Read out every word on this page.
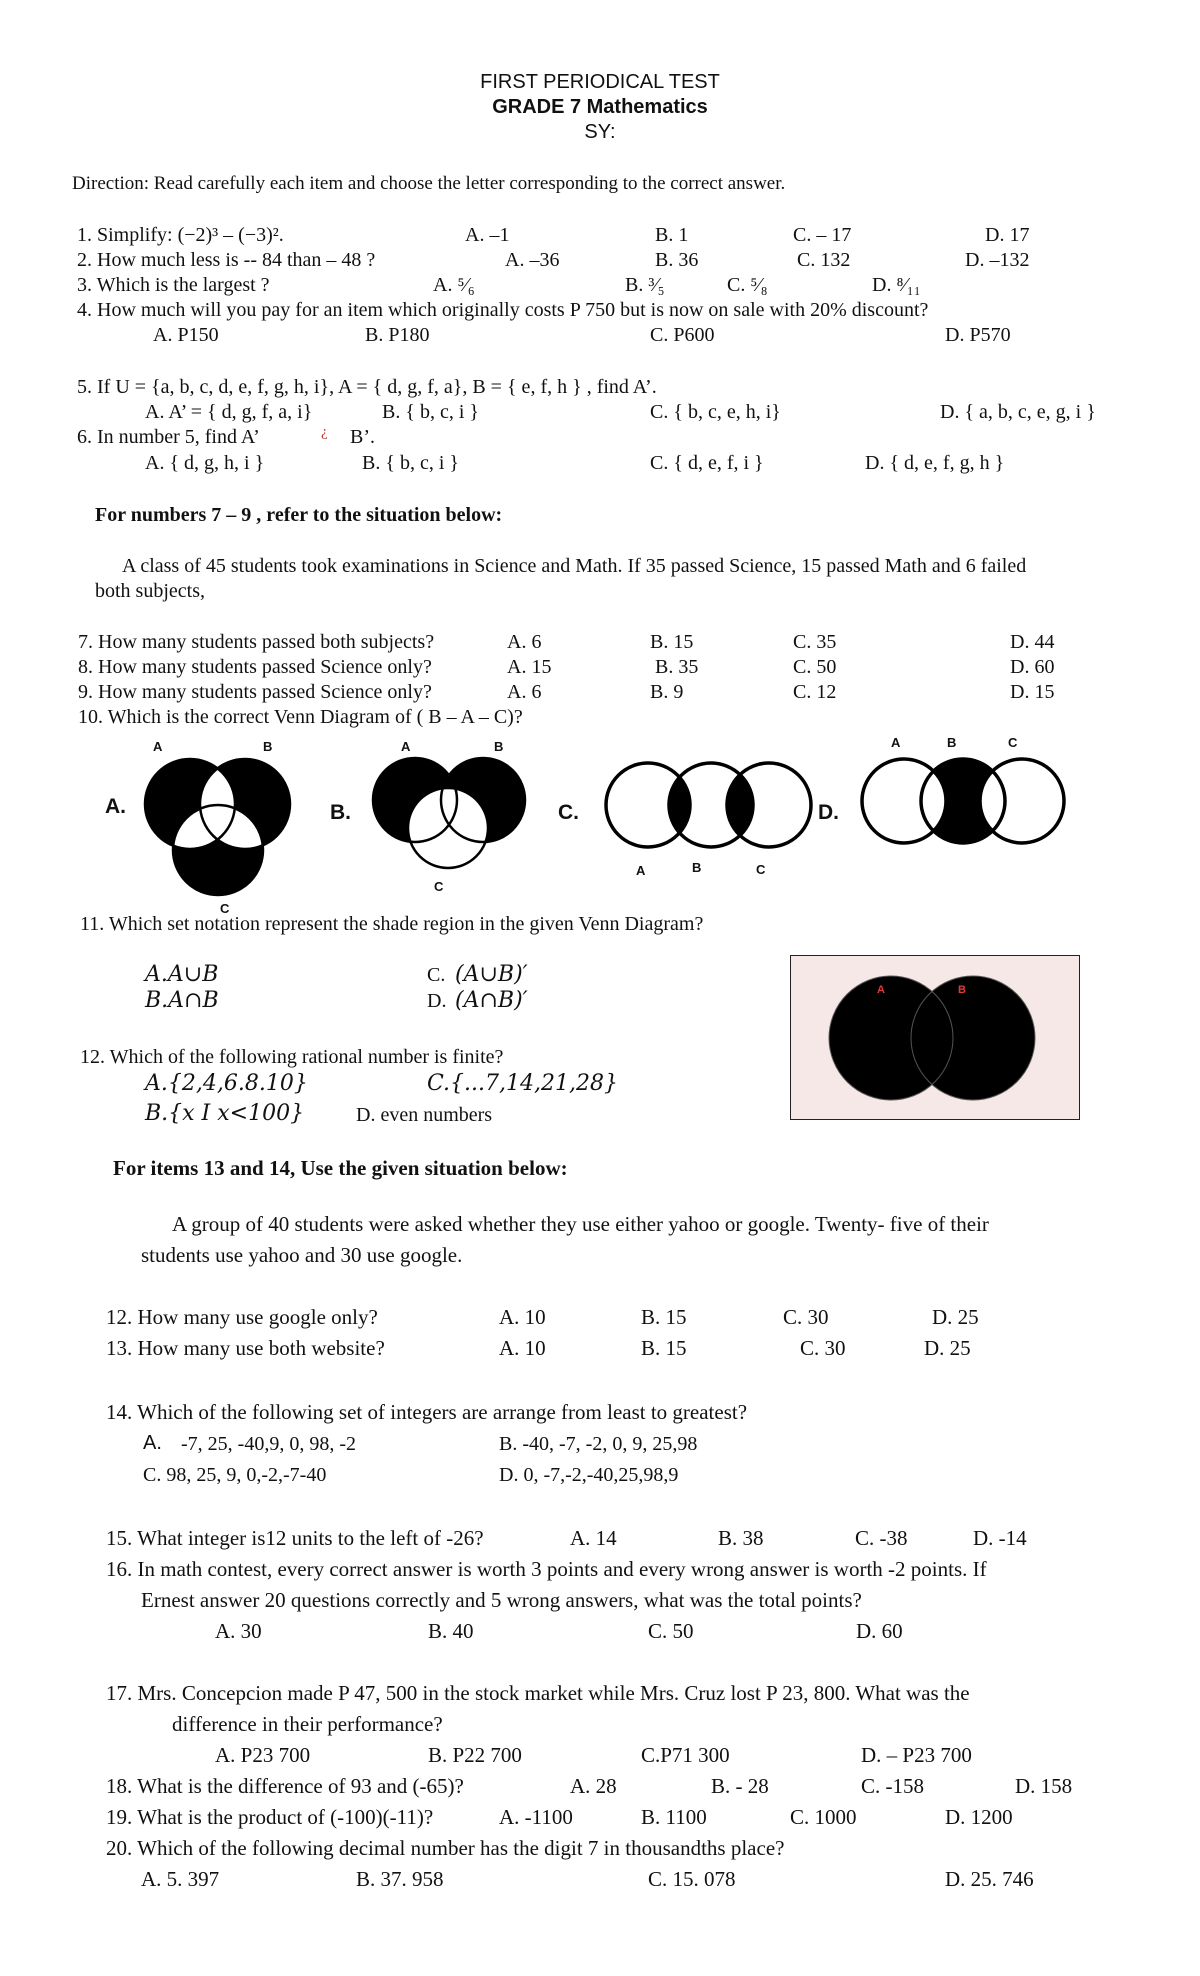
FIRST PERIODICAL TEST
GRADE 7 Mathematics
SY:
Direction: Read carefully each item and choose the letter corresponding to the correct answer.
1. Simplify: (−2)³ – (−3)².	A. –1	B. 1	C. – 17	D. 17
2. How much less is -- 84 than – 48 ?	A. –36	B. 36	C. 132	D. –132
3. Which is the largest ?	A. ⁵⁄₆	B. ³⁄₅	C. ⁵⁄₈	D. ⁸⁄₁₁
4. How much will you pay for an item which originally costs P 750 but is now on sale with 20% discount?
A. P150	B. P180	C. P600	D. P570
5. If U = {a, b, c, d, e, f, g, h, i}, A = { d, g, f, a}, B = { e, f, h } , find A’.
A. A’ = { d, g, f, a, i}	B. { b, c, i }	C. { b, c, e, h, i}	D. { a, b, c, e, g, i }
6. In number 5, find A’	¿ B’.
A. { d, g, h, i }	B. { b, c, i }	C. { d, e, f, i }	D. { d, e, f, g, h }
For numbers 7 – 9 , refer to the situation below:
A class of 45 students took examinations in Science and Math. If 35 passed Science, 15 passed Math and 6 failed
both subjects,
7. How many students passed both subjects?	A. 6	B. 15	C. 35	D. 44
8. How many students passed Science only?	A. 15	B. 35	C. 50	D. 60
9. How many students passed Science only?	A. 6	B. 9	C. 12	D. 15
10. Which is the correct Venn Diagram of ( B – A – C)?
A	B
A.
C
A	B
B.
C
C.
A	B	C
D.
A	B	C
11. Which set notation represent the shade region in the given Venn Diagram?
A.A∪B
B.A∩B
C. (A∪B)′
D. (A∩B)′	A	B
12. Which of the following rational number is finite?
A.{2,4,6.8.10}	C.{...7,14,21,28}
B.{x I x<100}	D. even numbers
For items 13 and 14, Use the given situation below:
A group of 40 students were asked whether they use either yahoo or google. Twenty- five of their
students use yahoo and 30 use google.
12. How many use google only?	A. 10	B. 15	C. 30	D. 25
13. How many use both website?	A. 10	B. 15	C. 30	D. 25
14. Which of the following set of integers are arrange from least to greatest?
A. -7, 25, -40,9, 0, 98, -2	B. -40, -7, -2, 0, 9, 25,98
C. 98, 25, 9, 0,-2,-7-40	D. 0, -7,-2,-40,25,98,9
15. What integer is12 units to the left of -26?	A. 14	B. 38	C. -38	D. -14
16. In math contest, every correct answer is worth 3 points and every wrong answer is worth -2 points. If
Ernest answer 20 questions correctly and 5 wrong answers, what was the total points?
A. 30	B. 40	C. 50	D. 60
17. Mrs. Concepcion made P 47, 500 in the stock market while Mrs. Cruz lost P 23, 800. What was the
difference in their performance?
A. P23 700	B. P22 700	C.P71 300	D. – P23 700
18. What is the difference of 93 and (-65)?	A. 28	B. - 28	C. -158	D. 158
19. What is the product of (-100)(-11)?	A. -1100	B. 1100	C. 1000	D. 1200
20. Which of the following decimal number has the digit 7 in thousandths place?
A. 5. 397	B. 37. 958	C. 15. 078	D. 25. 746
